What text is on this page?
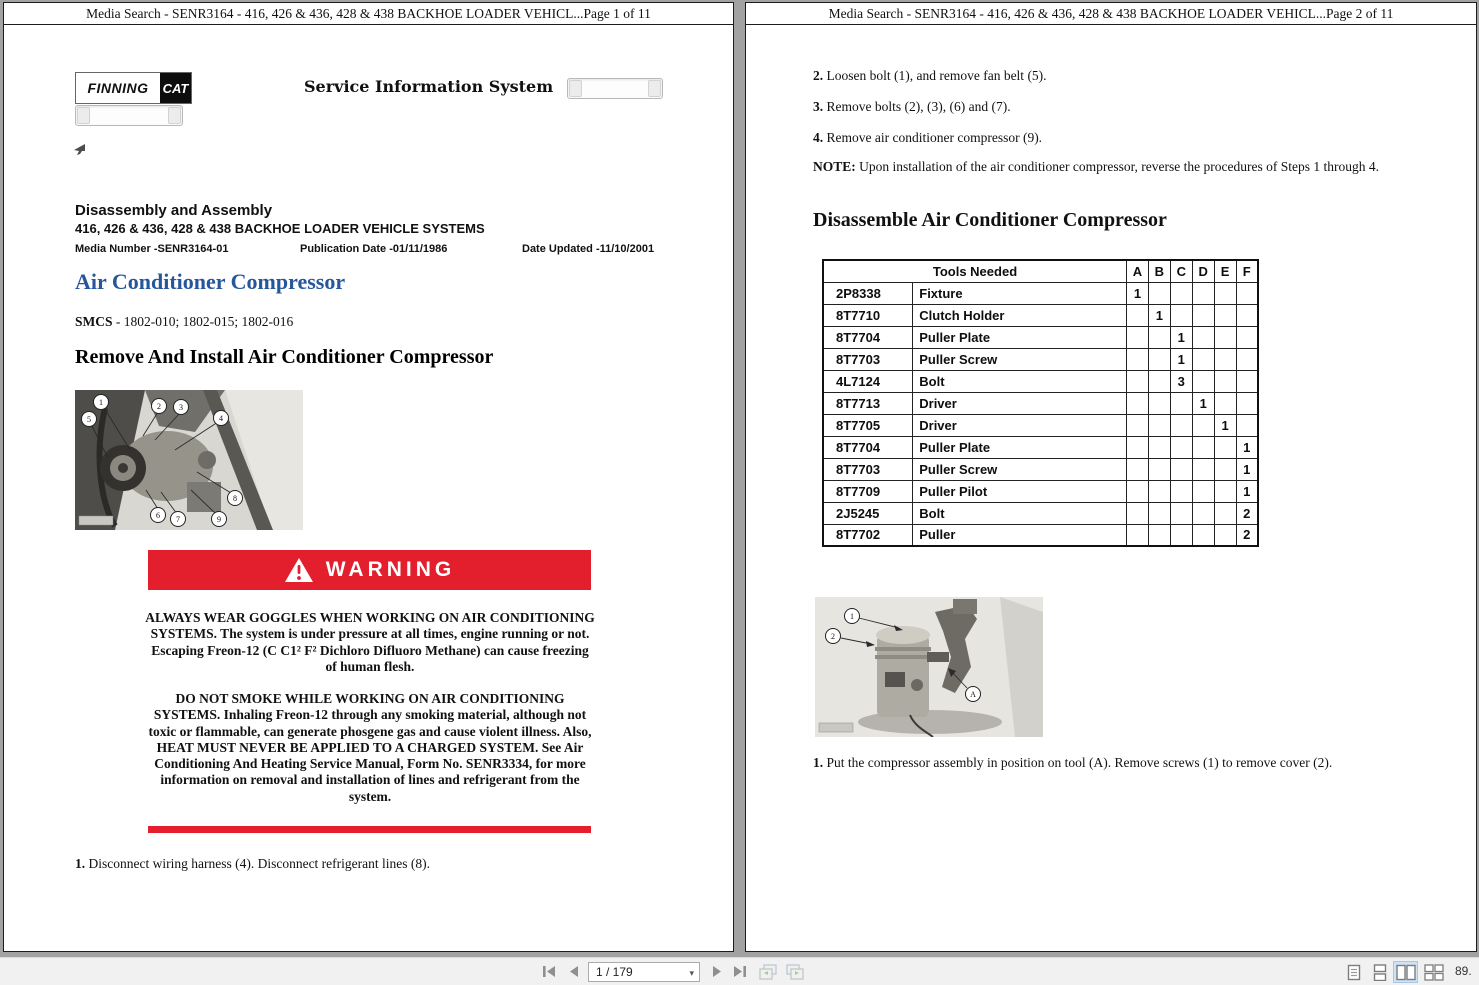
Media Search - SENR3164 - 416, 426 & 436, 428 & 438 BACKHOE LOADER VEHICL...Page 1 of 11
FINNING	CAT	Service Information System
Disassembly and Assembly
416, 426 & 436, 428 & 438 BACKHOE LOADER VEHICLE SYSTEMS
Media Number -SENR3164-01	Publication Date -01/11/1986	Date Updated -11/10/2001
Air Conditioner Compressor
SMCS - 1802-010; 1802-015; 1802-016
Remove And Install Air Conditioner Compressor
1	2 3
4
5
6 7
8
9
WARNING
ALWAYS WEAR GOGGLES WHEN WORKING ON AIR CONDITIONING SYSTEMS. The system is under pressure at all times, engine running or not. Escaping Freon-12 (C C1² F² Dichloro Difluoro Methane) can cause freezing of human flesh.
DO NOT SMOKE WHILE WORKING ON AIR CONDITIONING SYSTEMS. Inhaling Freon-12 through any smoking material, although not toxic or flammable, can generate phosgene gas and cause violent illness. Also, HEAT MUST NEVER BE APPLIED TO A CHARGED SYSTEM. See Air Conditioning And Heating Service Manual, Form No. SENR3334, for more information on removal and installation of lines and refrigerant from the system.
1. Disconnect wiring harness (4). Disconnect refrigerant lines (8).
Media Search - SENR3164 - 416, 426 & 436, 428 & 438 BACKHOE LOADER VEHICL...Page 2 of 11
2. Loosen bolt (1), and remove fan belt (5).
3. Remove bolts (2), (3), (6) and (7).
4. Remove air conditioner compressor (9).
NOTE: Upon installation of the air conditioner compressor, reverse the procedures of Steps 1 through 4.
Disassemble Air Conditioner Compressor
Tools Needed		A	B	C	D	E	F
2P8338	Fixture	1					
8T7710	Clutch Holder		1				
8T7704	Puller Plate			1			
8T7703	Puller Screw			1			
4L7124	Bolt			3			
8T7713	Driver				1		
8T7705	Driver					1	
8T7704	Puller Plate						1
8T7703	Puller Screw						1
8T7709	Puller Pilot						1
2J5245	Bolt						2
8T7702	Puller						2
1
2
A
1. Put the compressor assembly in position on tool (A). Remove screws (1) to remove cover (2).
1 / 179	▾	89.
